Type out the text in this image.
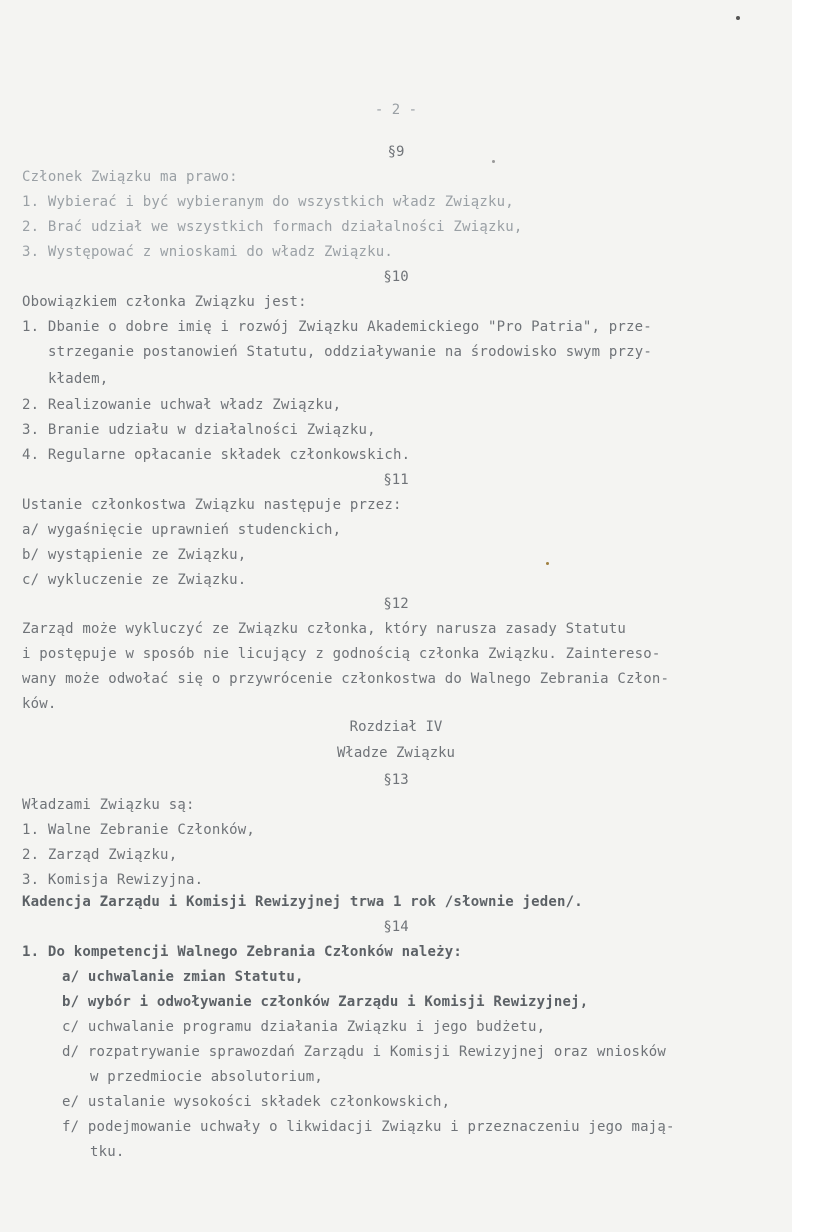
- 2 -
§9
Członek Związku ma prawo:
1. Wybierać i być wybieranym do wszystkich władz Związku,
2. Brać udział we wszystkich formach działalności Związku,
3. Występować z wnioskami do władz Związku.
§10
Obowiązkiem członka Związku jest:
1. Dbanie o dobre imię i rozwój Związku Akademickiego "Pro Patria", prze-
strzeganie postanowień Statutu, oddziaływanie na środowisko swym przy-
kładem,
2. Realizowanie uchwał władz Związku,
3. Branie udziału w działalności Związku,
4. Regularne opłacanie składek członkowskich.
§11
Ustanie członkostwa Związku następuje przez:
a/ wygaśnięcie uprawnień studenckich,
b/ wystąpienie ze Związku,
c/ wykluczenie ze Związku.
§12
Zarząd może wykluczyć ze Związku członka, który narusza zasady Statutu
i postępuje w sposób nie licujący z godnością członka Związku. Zaintereso-
wany może odwołać się o przywrócenie członkostwa do Walnego Zebrania Człon-
ków.
Rozdział IV
Władze Związku
§13
Władzami Związku są:
1. Walne Zebranie Członków,
2. Zarząd Związku,
3. Komisja Rewizyjna.
Kadencja Zarządu i Komisji Rewizyjnej trwa 1 rok /słownie jeden/.
§14
1. Do kompetencji Walnego Zebrania Członków należy:
a/ uchwalanie zmian Statutu,
b/ wybór i odwoływanie członków Zarządu i Komisji Rewizyjnej,
c/ uchwalanie programu działania Związku i jego budżetu,
d/ rozpatrywanie sprawozdań Zarządu i Komisji Rewizyjnej oraz wniosków
w przedmiocie absolutorium,
e/ ustalanie wysokości składek członkowskich,
f/ podejmowanie uchwały o likwidacji Związku i przeznaczeniu jego mają-
tku.
